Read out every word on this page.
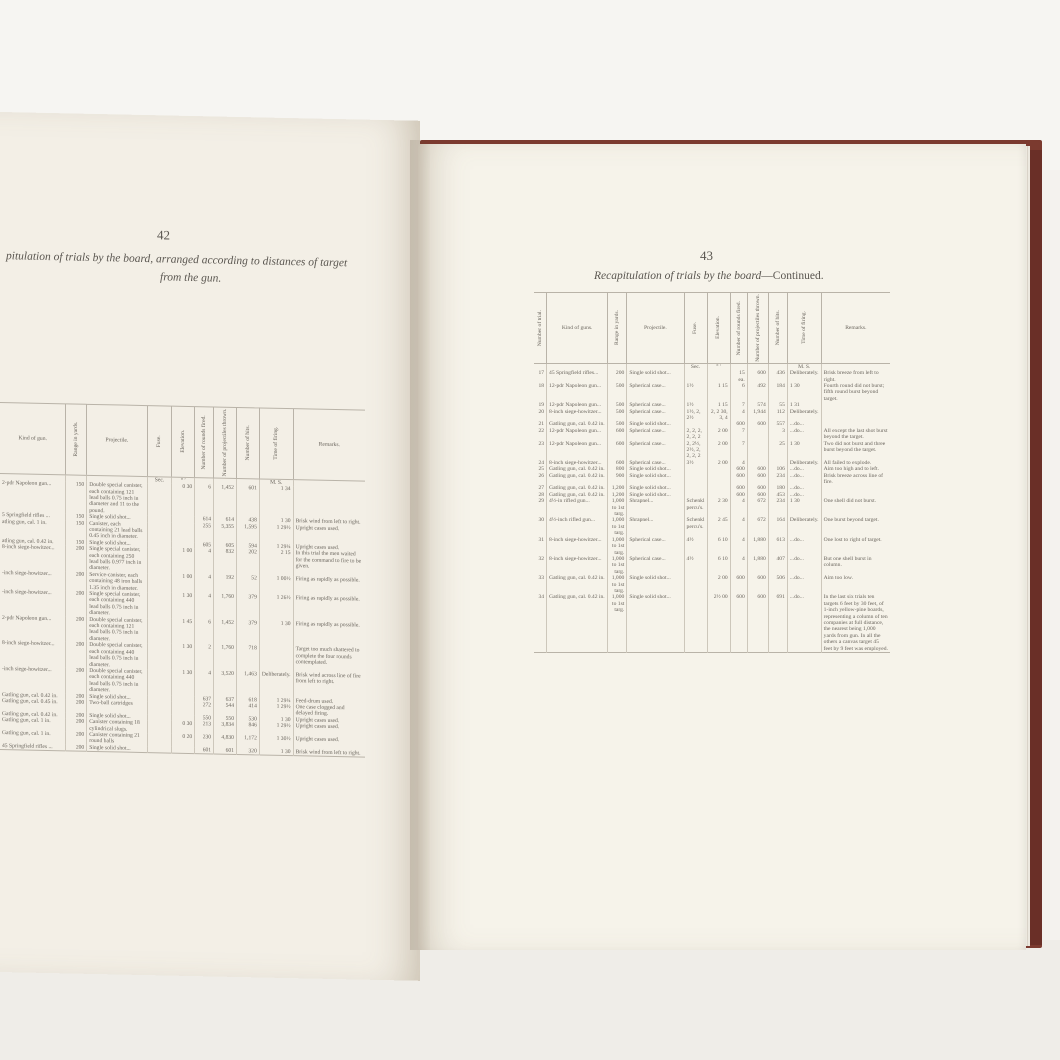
42
pitulation of trials by the board, arranged according to distances of target
from the gun.
Kind of gun.	Range in yards.	Projectile.	Fuse.	Elevation.	Number of rounds fired.	Number of projectiles thrown.	Number of hits.	Time of firing.	Remarks.
			Sec.	° ′				M. S.	
2-pdr Napoleon gun...	150	Double special canister, each containing 121 lead balls 0.75 inch in diameter and 11 to the pound.		0 30	6	1,452	601	1 34	
5 Springfield rifles ...	150	Single solid shot...			614	614	438	1 30	Brisk wind from left to right.
atling gun, cal. 1 in.	150	Canister, each containing 21 lead balls 0.45 inch in diameter.			255	5,355	1,595	1 29½	Upright cases used.
atling gun, cal. 0.42 in.	150	Single solid shot...			605	605	594	1 29¼	Upright cases used.
8-inch siege-howitzer...	200	Single special canister, each containing 250 lead balls 0.977 inch in diameter.		1 00	4	832	202	2 15	In this trial the men waited for the command to fire to be given.
-inch siege-howitzer...	200	Service-canister, each containing 48 iron balls 1.35 inch in diameter.		1 00	4	192	52	1 00½	Firing as rapidly as possible.
-inch siege-howitzer...	200	Single special canister, each containing 440 lead balls 0.75 inch in diameter.		1 30	4	1,760	379	1 26½	Firing as rapidly as possible.
2-pdr Napoleon gun...	200	Double special canister, each containing 121 lead balls 0.75 inch in diameter.		1 45	6	1,452	379	1 30	Firing as rapidly as possible.
8-inch siege-howitzer...	200	Double special canister, each containing 440 lead balls 0.75 inch in diameter.		1 30	2	1,760	718		Target too much shattered to complete the four rounds contemplated.
-inch siege-howitzer...	200	Double special canister, each containing 440 lead balls 0.75 inch in diameter.		1 30	4	3,520	1,463	Deliberately.	Brisk wind across line of fire from left to right.
Gatling gun, cal. 0.42 in.	200	Single solid shot...			637	637	618	1 29¼	Feed-drum used.
Gatling gun, cal. 0.45 in.	200	Two-ball cartridges			272	544	414	1 29½	One case clogged and delayed firing.
Gatling gun, cal. 0.42 in.	200	Single solid shot...			550	550	530	1 30	Upright cases used.
Gatling gun, cal. 1 in.	200	Canister containing 18 cylindrical slugs.		0 30	213	3,834	846	1 29½	Upright cases used.
Gatling gun, cal. 1 in.	200	Canister containing 21 round balls		0 20	230	4,830	1,172	1 30½	Upright cases used.
45 Springfield rifles ...	200	Single solid shot...			601	601	320	1 30	Brisk wind from left to right.
43
Recapitulation of trials by the board—Continued.
Number of trial.	Kind of guns.	Range in yards.	Projectile.	Fuse.	Elevation.	Number of rounds fired.	Number of projectiles thrown.	Number of hits.	Time of firing.	Remarks.
				Sec.	° ′				M. S.	
17	45 Springfield rifles...	200	Single solid shot...			15 ea.	600	436	Deliberately.	Brisk breeze from left to right.
18	12-pdr Napoleon gun...	500	Spherical case...	1½	1 15	6	492	184	1 30	Fourth round did not burst; fifth round burst beyond target.
19	12-pdr Napoleon gun...	500	Spherical case...	1½	1 15	7	574	55	1 31	
20	8-inch siege-howitzer...	500	Spherical case...	1½, 2, 2½	2, 2 30, 3, 4	4	1,944	112	Deliberately.	
21	Gatling gun, cal. 0.42 in.	500	Single solid shot...			600	600	557	...do...	
22	12-pdr Napoleon gun...	600	Spherical case...	2, 2, 2, 2, 2, 2	2 00	7		3	...do...	All except the last shot burst beyond the target.
23	12-pdr Napoleon gun...	600	Spherical case...	2, 2½, 2½, 2, 2, 2, 2	2 00	7		25	1 30	Two did not burst and three burst beyond the target.
24	8-inch siege-howitzer...	600	Spherical case...	3½	2 00	4			Deliberately.	All failed to explode.
25	Gatling gun, cal. 0.42 in.	800	Single solid shot...			600	600	106	...do...	Aim too high and to left.
26	Gatling gun, cal. 0.42 in.	900	Single solid shot...			600	600	234	...do...	Brisk breeze across line of fire.
27	Gatling gun, cal. 0.42 in.	1,200	Single solid shot...			600	600	180	...do...	
28	Gatling gun, cal. 0.42 in.	1,200	Single solid shot...			600	600	453	...do...	
29	4½-in rifled gun...	1,000 to 1st targ.	Shrapnel...	Schenkl percu's.	2 30	4	672	234	1 30	One shell did not burst.
30	4½-inch rifled gun...	1,000 to 1st targ.	Shrapnel...	Schenkl percu's.	2 45	4	672	164	Deliberately.	One burst beyond target.
31	8-inch siege-howitzer...	1,000 to 1st targ.	Spherical case...	4½	6 10	4	1,880	613	...do...	One lost to right of target.
32	8-inch siege-howitzer...	1,000 to 1st targ.	Spherical case...	4½	6 10	4	1,880	407	...do...	But one shell burst in column.
33	Gatling gun, cal. 0.42 in.	1,000 to 1st targ.	Single solid shot...		2 00	600	600	506	...do...	Aim too low.
34	Gatling gun, cal. 0.42 in.	1,000 to 1st targ.	Single solid shot...		2½ 00	600	600	691	...do...	In the last six trials ten targets 6 feet by 30 feet, of 1-inch yellow-pine boards, representing a column of ten companies at full distance, the nearest being 1,000 yards from gun. In all the others a canvas target 45 feet by 9 feet was employed.
